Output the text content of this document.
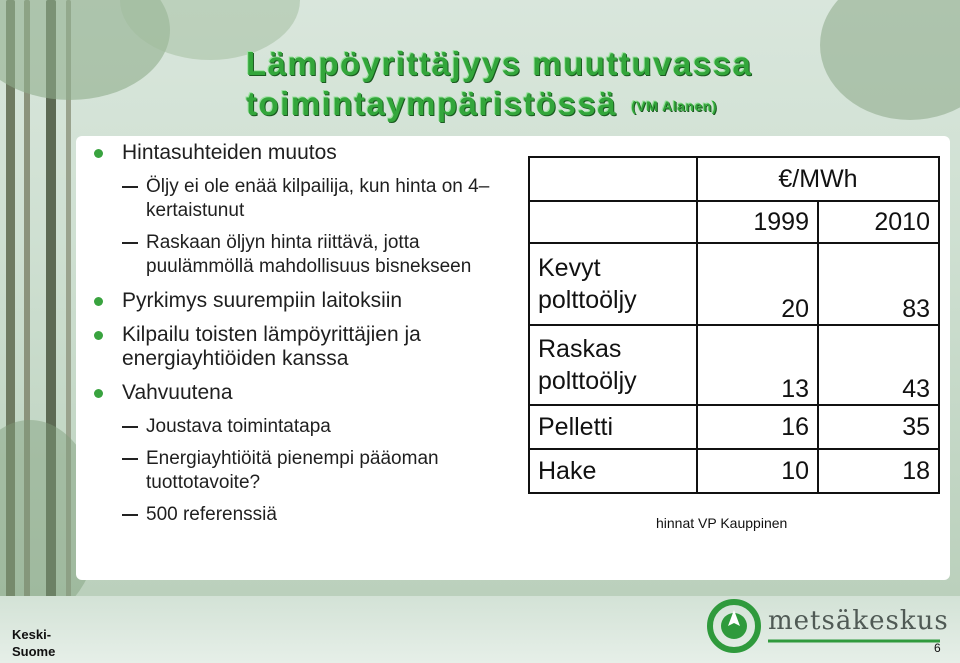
Lämpöyrittäjyys muuttuvassa
toimintaympäristössä (VM Alanen)
Hintasuhteiden muutos
Öljy ei ole enää kilpailija, kun hinta on 4–kertaistunut
Raskaan öljyn hinta riittävä, jotta puulämmöllä mahdollisuus bisnekseen
Pyrkimys suurempiin laitoksiin
Kilpailu toisten lämpöyrittäjien ja energiayhtiöiden kanssa
Vahvuutena
Joustava toimintatapa
Energiayhtiöitä pienempi pääoman tuottotavoite?
500 referenssiä
	€/MWh	
	1999	2010

Kevyt
polttoöljy	20	83

Raskas
polttoöljy	13	43
Pelletti	16	35
Hake	10	18
hinnat VP Kauppinen
Keski-
Suome
metsäkeskus
6
